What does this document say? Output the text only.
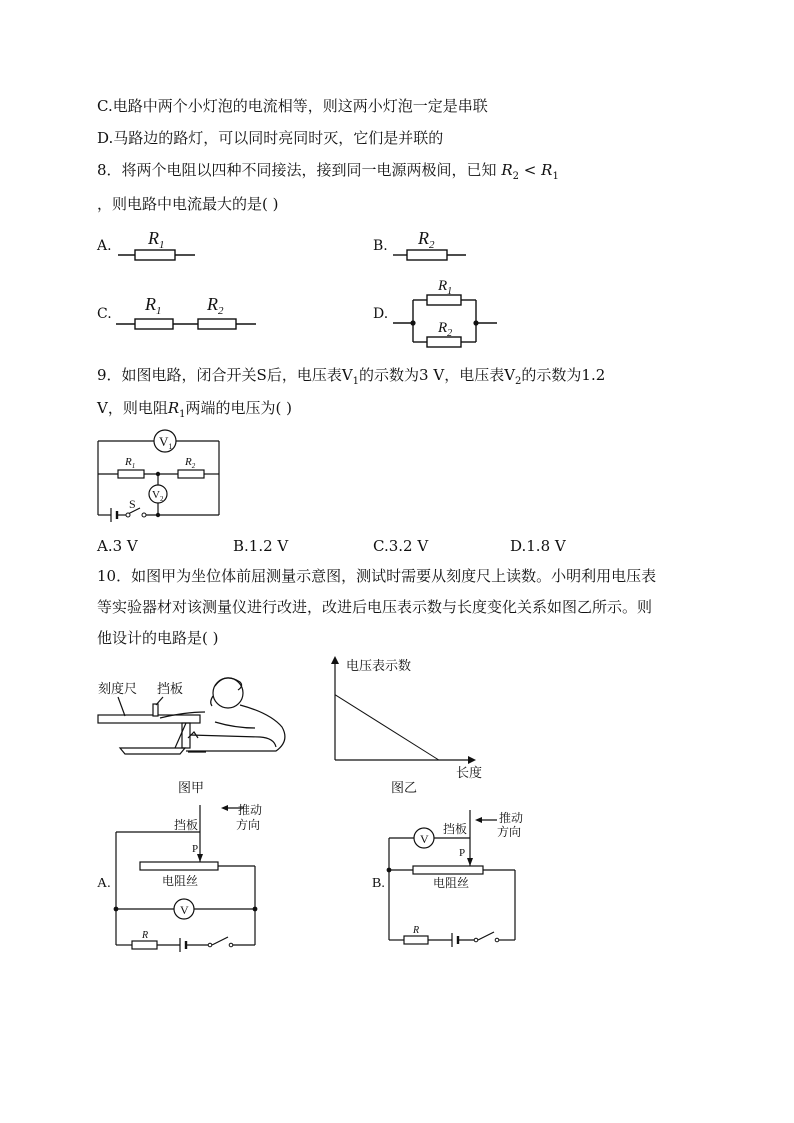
C.电路中两个小灯泡的电流相等，则这两小灯泡一定是串联
D.马路边的路灯，可以同时亮同时灭，它们是并联的
8．将两个电阻以四种不同接法，接到同一电源两极间，已知 $R_2 < R_1$
，则电路中电流最大的是( )
A.	B.
C.	D.
$R_1$	$R_2$
$R_1$	$R_2$
$R_1$
$R_2$
9．如图电路，闭合开关S后，电压表$V_1$的示数为3 V，电压表$V_2$的示数为1.2
V，则电阻$R_1$两端的电压为( )
$V_1$
$V_2$
$R_1$	$R_2$
S
A.3 V	B.1.2 V	C.3.2 V	D.1.8 V
10．如图甲为坐位体前屈测量示意图，测试时需要从刻度尺上读数。小明利用电压表
等实验器材对该测量仪进行改进，改进后电压表示数与长度变化关系如图乙所示。则
他设计的电路是( )
刻度尺 挡板
图甲
电压表示数
长度
图乙
挡板
推动
方向
P
电阻丝
V
R
A.
挡板
推动
方向
P
电阻丝
V
R
B.
